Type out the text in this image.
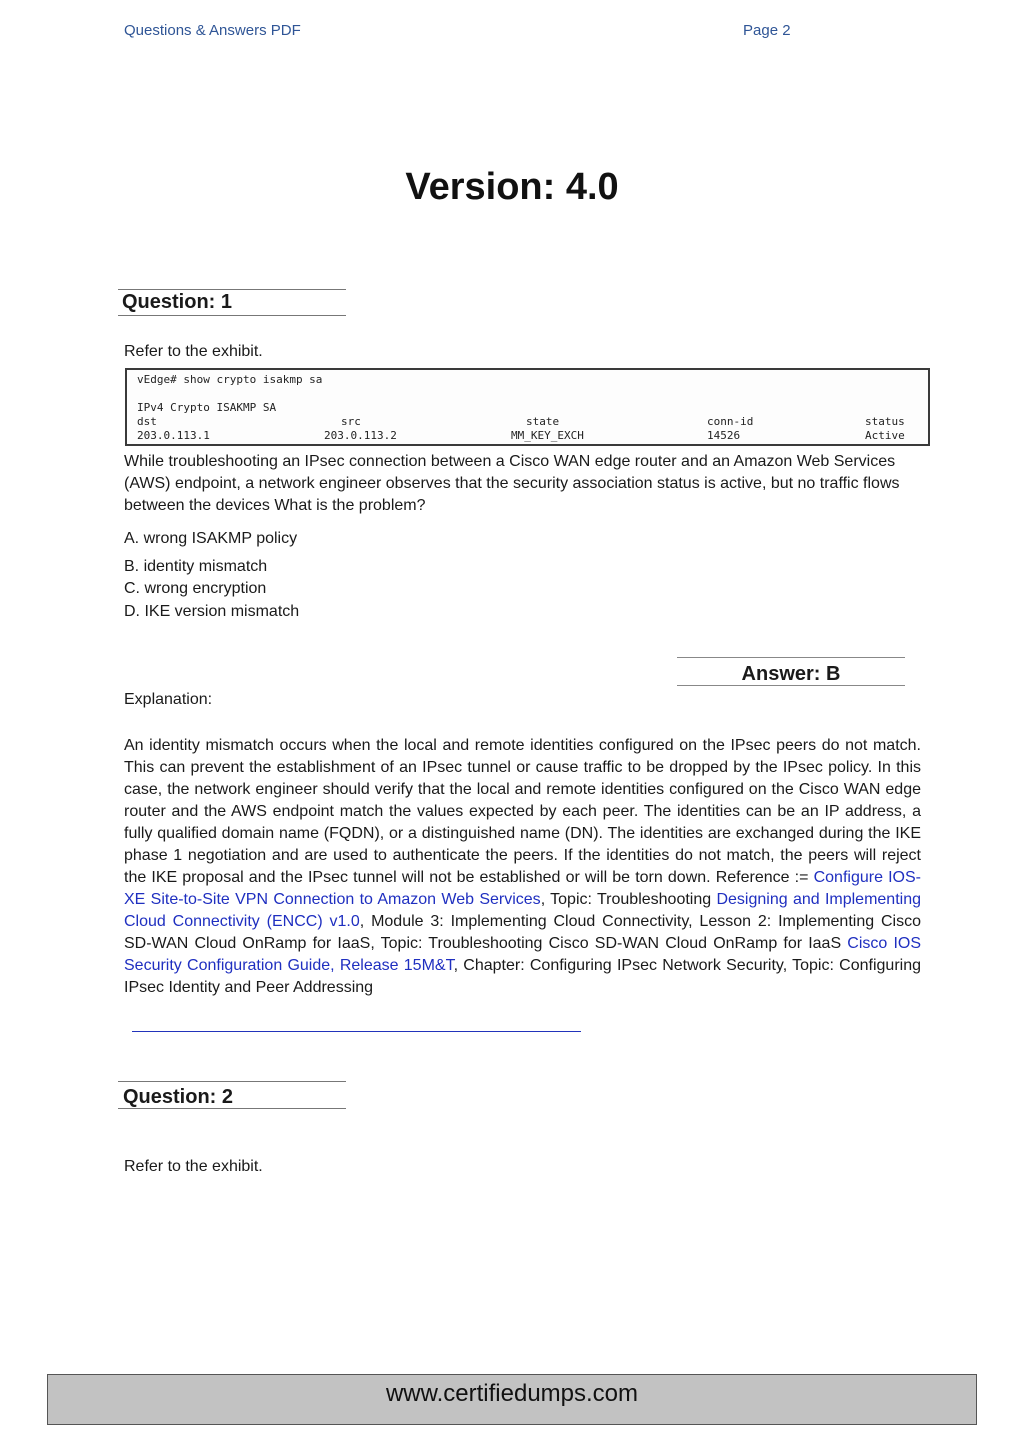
Questions & Answers PDF	Page 2
Version: 4.0
Question: 1
Refer to the exhibit.
vEdge# show crypto isakmp sa
IPv4 Crypto ISAKMP SA
dst	src	state	conn-id	status
203.0.113.1	203.0.113.2	MM_KEY_EXCH	14526	Active
While troubleshooting an IPsec connection between a Cisco WAN edge router and an Amazon Web Services (AWS) endpoint, a network engineer observes that the security association status is active, but no traffic flows between the devices What is the problem?
A. wrong ISAKMP policy
B. identity mismatch
C. wrong encryption
D. IKE version mismatch
Answer: B
Explanation:
An identity mismatch occurs when the local and remote identities configured on the IPsec peers do not match. This can prevent the establishment of an IPsec tunnel or cause traffic to be dropped by the IPsec policy. In this case, the network engineer should verify that the local and remote identities configured on the Cisco WAN edge router and the AWS endpoint match the values expected by each peer. The identities can be an IP address, a fully qualified domain name (FQDN), or a distinguished name (DN). The identities are exchanged during the IKE phase 1 negotiation and are used to authenticate the peers. If the identities do not match, the peers will reject the IKE proposal and the IPsec tunnel will not be established or will be torn down. Reference := Configure IOS-XE Site-to-Site VPN Connection to Amazon Web Services, Topic: Troubleshooting Designing and Implementing Cloud Connectivity (ENCC) v1.0, Module 3: Implementing Cloud Connectivity, Lesson 2: Implementing Cisco SD-WAN Cloud OnRamp for IaaS, Topic: Troubleshooting Cisco SD-WAN Cloud OnRamp for IaaS Cisco IOS Security Configuration Guide, Release 15M&T, Chapter: Configuring IPsec Network Security, Topic: Configuring IPsec Identity and Peer Addressing
Question: 2
Refer to the exhibit.
www.certifiedumps.com
